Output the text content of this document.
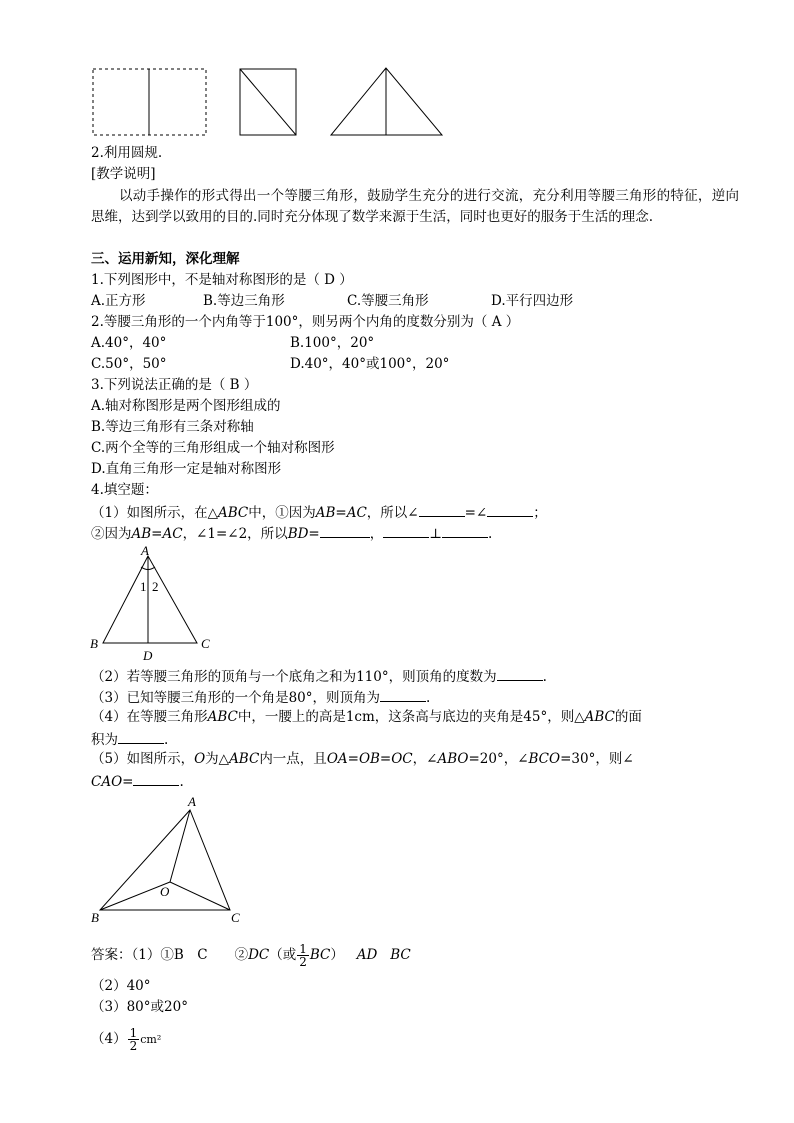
2.利用圆规.
[教学说明]
以动手操作的形式得出一个等腰三角形，鼓励学生充分的进行交流，充分利用等腰三角形的特征，逆向思维，达到学以致用的目的.同时充分体现了数学来源于生活，同时也更好的服务于生活的理念.
三、运用新知，深化理解
1.下列图形中，不是轴对称图形的是（ D ）
A.正方形	B.等边三角形	C.等腰三角形	D.平行四边形
2.等腰三角形的一个内角等于100°，则另两个内角的度数分别为（ A ）
A.40°，40°	B.100°，20°
C.50°，50°	D.40°，40°或100°，20°
3.下列说法正确的是（ B ）
A.轴对称图形是两个图形组成的
B.等边三角形有三条对称轴
C.两个全等的三角形组成一个轴对称图形
D.直角三角形一定是轴对称图形
4.填空题：
（1）如图所示，在△ABC中，①因为AB=AC，所以∠	=∠	；
②因为AB=AC，∠1=∠2，所以BD=	，	⊥	.
A
B	C
D
1 2
（2）若等腰三角形的顶角与一个底角之和为110°，则顶角的度数为	.
（3）已知等腰三角形的一个角是80°，则顶角为	.
（4）在等腰三角形ABC中，一腰上的高是1cm，这条高与底边的夹角是45°，则△ABC的面
积为	.
（5）如图所示，O为△ABC内一点，且OA=OB=OC，∠ABO=20°，∠BCO=30°，则∠
CAO=	.
A
B	C
O
答案：（1）①B　C　　②DC（或 $\frac{1}{2} BC$） AD BC
（2）40°
（3）80°或20°
$(4) \frac{1}{2} cm^2$
